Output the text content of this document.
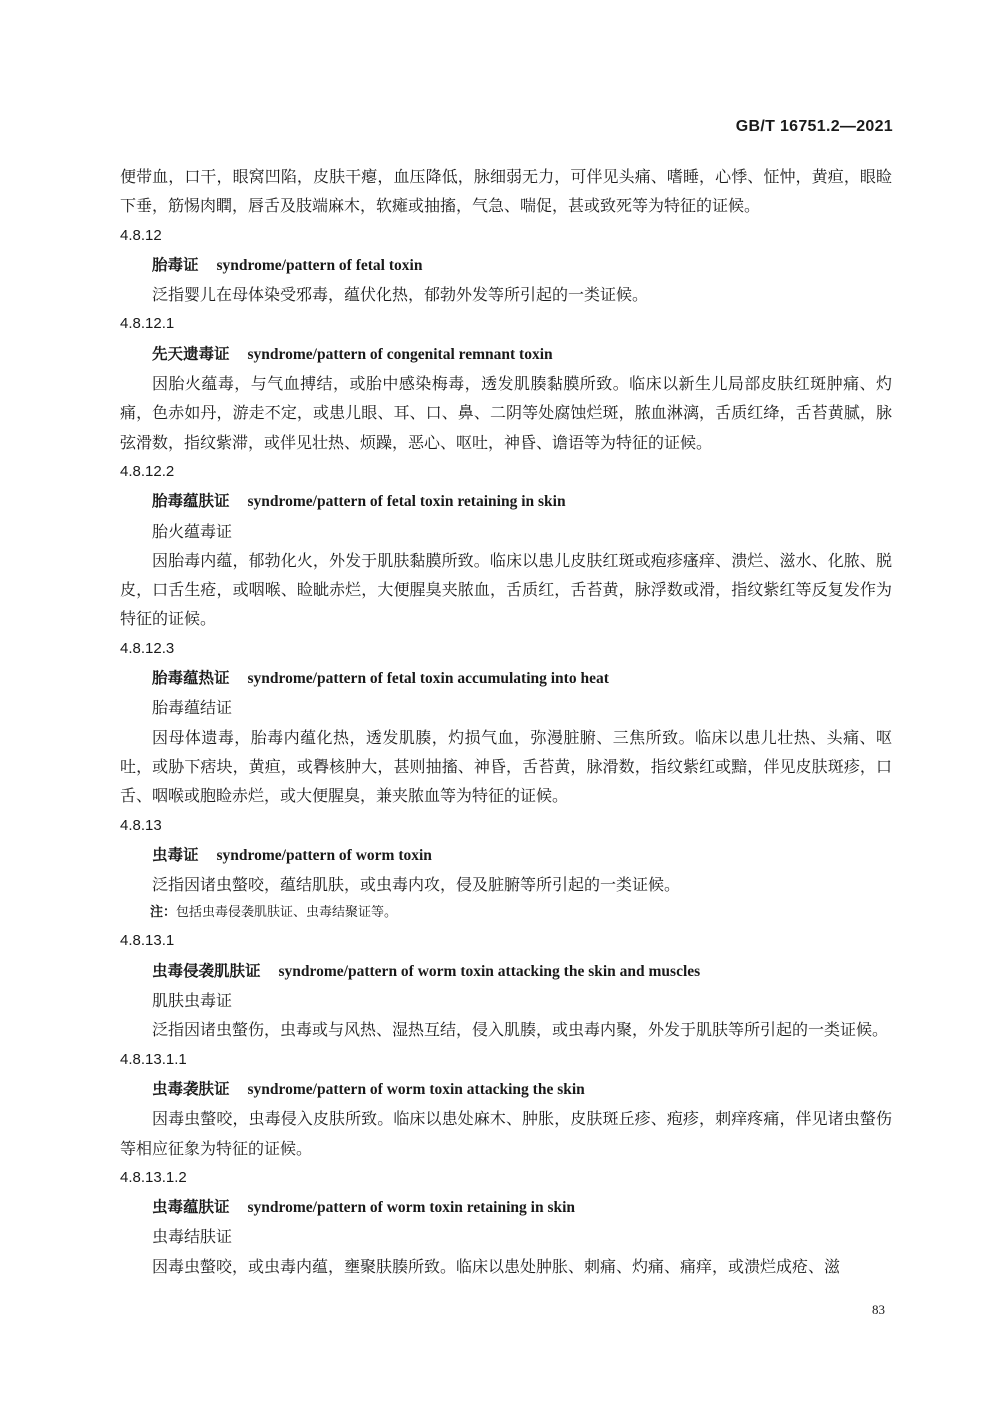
GB/T 16751.2—2021

便带血，口干，眼窝凹陷，皮肤干瘪，血压降低，脉细弱无力，可伴见头痛、嗜睡，心悸、怔忡，黄疸，眼睑下垂，筋惕肉瞤，唇舌及肢端麻木，软瘫或抽搐，气急、喘促，甚或致死等为特征的证候。

4.8.12

胎毒证 syndrome/pattern of fetal toxin

泛指婴儿在母体染受邪毒，蕴伏化热，郁勃外发等所引起的一类证候。

4.8.12.1

先天遗毒证 syndrome/pattern of congenital remnant toxin

因胎火蕴毒，与气血搏结，或胎中感染梅毒，透发肌腠黏膜所致。临床以新生儿局部皮肤红斑肿痛、灼痛，色赤如丹，游走不定，或患儿眼、耳、口、鼻、二阴等处腐蚀烂斑，脓血淋漓，舌质红绛，舌苔黄腻，脉弦滑数，指纹紫滞，或伴见壮热、烦躁，恶心、呕吐，神昏、谵语等为特征的证候。

4.8.12.2

胎毒蕴肤证 syndrome/pattern of fetal toxin retaining in skin

胎火蕴毒证

因胎毒内蕴，郁勃化火，外发于肌肤黏膜所致。临床以患儿皮肤红斑或疱疹瘙痒、溃烂、滋水、化脓、脱皮，口舌生疮，或咽喉、睑眦赤烂，大便腥臭夹脓血，舌质红，舌苔黄，脉浮数或滑，指纹紫红等反复发作为特征的证候。

4.8.12.3

胎毒蕴热证 syndrome/pattern of fetal toxin accumulating into heat

胎毒蕴结证

因母体遗毒，胎毒内蕴化热，透发肌腠，灼损气血，弥漫脏腑、三焦所致。临床以患儿壮热、头痛、呕吐，或胁下痞块，黄疸，或臖核肿大，甚则抽搐、神昏，舌苔黄，脉滑数，指纹紫红或黯，伴见皮肤斑疹，口舌、咽喉或胞睑赤烂，或大便腥臭，兼夹脓血等为特征的证候。

4.8.13

虫毒证 syndrome/pattern of worm toxin

泛指因诸虫螫咬，蕴结肌肤，或虫毒内攻，侵及脏腑等所引起的一类证候。

注：包括虫毒侵袭肌肤证、虫毒结聚证等。

4.8.13.1

虫毒侵袭肌肤证 syndrome/pattern of worm toxin attacking the skin and muscles

肌肤虫毒证

泛指因诸虫螫伤，虫毒或与风热、湿热互结，侵入肌腠，或虫毒内聚，外发于肌肤等所引起的一类证候。

4.8.13.1.1

虫毒袭肤证 syndrome/pattern of worm toxin attacking the skin

因毒虫螫咬，虫毒侵入皮肤所致。临床以患处麻木、肿胀，皮肤斑丘疹、疱疹，刺痒疼痛，伴见诸虫螫伤等相应征象为特征的证候。

4.8.13.1.2

虫毒蕴肤证 syndrome/pattern of worm toxin retaining in skin

虫毒结肤证

因毒虫螫咬，或虫毒内蕴，壅聚肤腠所致。临床以患处肿胀、刺痛、灼痛、痛痒，或溃烂成疮、滋

83
